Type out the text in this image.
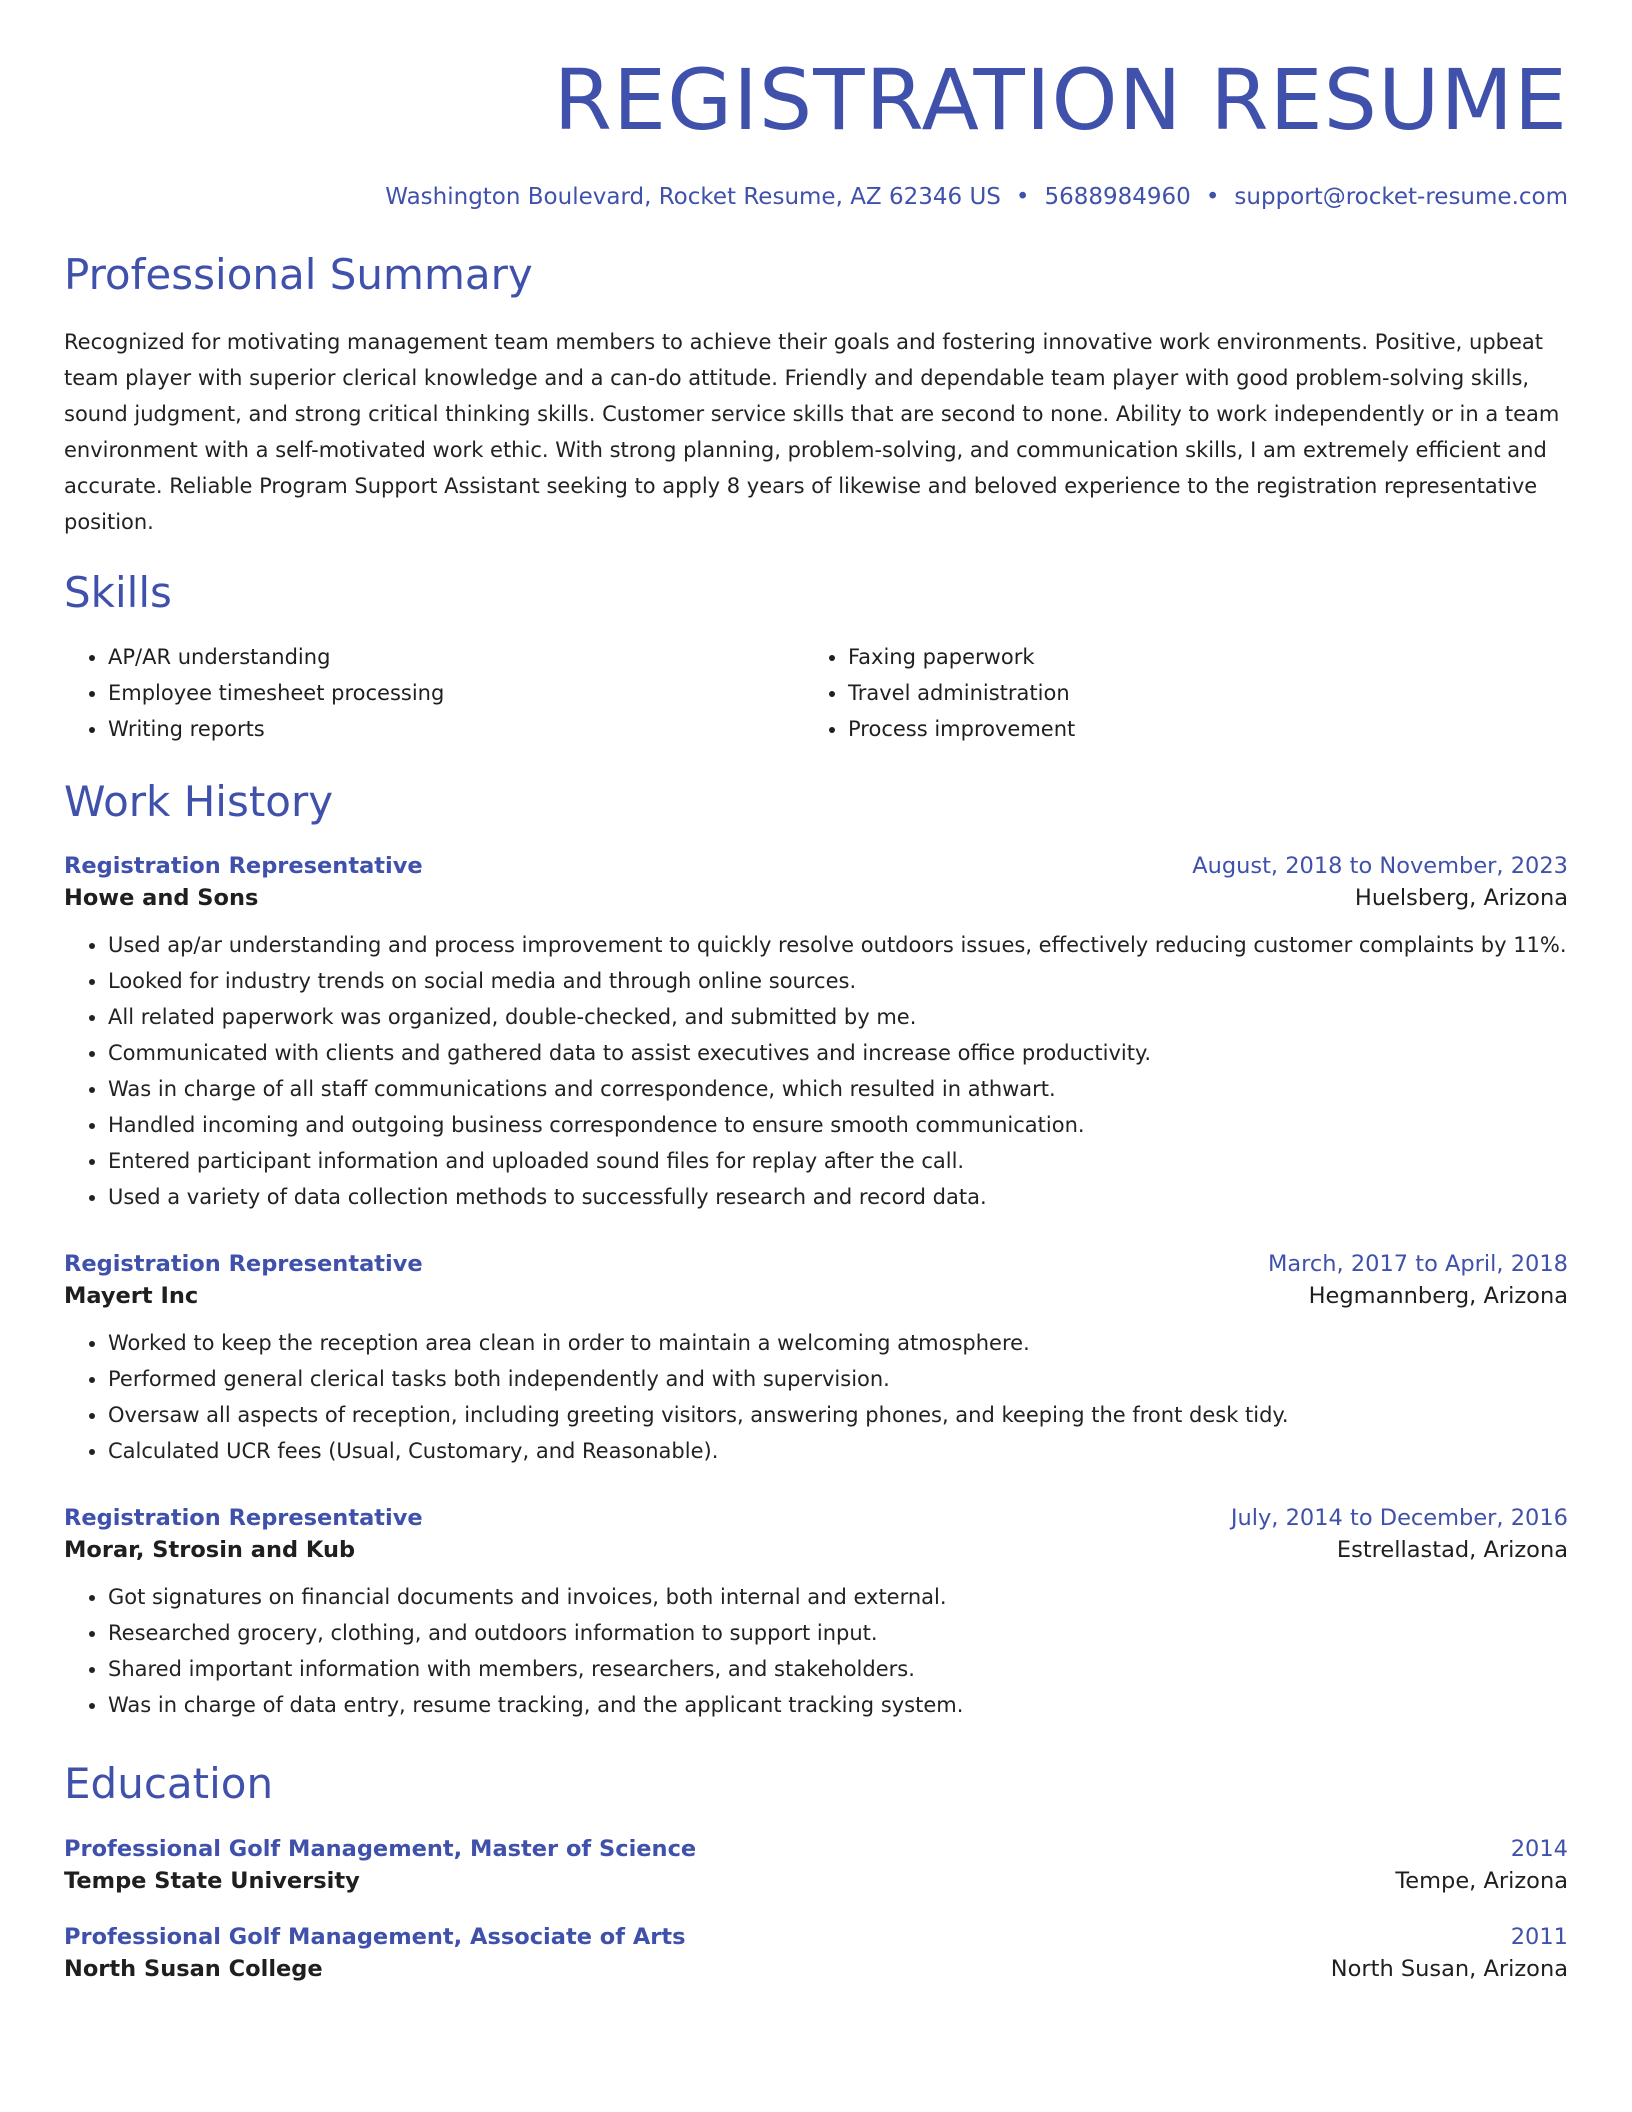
REGISTRATION RESUME
Washington Boulevard, Rocket Resume, AZ 62346 US • 5688984960 • support@rocket-resume.com
Professional Summary

Recognized for motivating management team members to achieve their goals and fostering innovative work environments. Positive, upbeat team player with superior clerical knowledge and a can-do attitude. Friendly and dependable team player with good problem-solving skills, sound judgment, and strong critical thinking skills. Customer service skills that are second to none. Ability to work independently or in a team environment with a self-motivated work ethic. With strong planning, problem-solving, and communication skills, I am extremely efficient and accurate. Reliable Program Support Assistant seeking to apply 8 years of likewise and beloved experience to the registration representative position.

Skills
• AP/AR understanding
• Employee timesheet processing
• Writing reports
• Faxing paperwork
• Travel administration
• Process improvement
Work History
Registration Representative	August, 2018 to November, 2023
Howe and Sons	Huelsberg, Arizona
• Used ap/ar understanding and process improvement to quickly resolve outdoors issues, effectively reducing customer complaints by 11%.
• Looked for industry trends on social media and through online sources.
• All related paperwork was organized, double-checked, and submitted by me.
• Communicated with clients and gathered data to assist executives and increase office productivity.
• Was in charge of all staff communications and correspondence, which resulted in athwart.
• Handled incoming and outgoing business correspondence to ensure smooth communication.
• Entered participant information and uploaded sound files for replay after the call.
• Used a variety of data collection methods to successfully research and record data.
Registration Representative	March, 2017 to April, 2018
Mayert Inc	Hegmannberg, Arizona
• Worked to keep the reception area clean in order to maintain a welcoming atmosphere.
• Performed general clerical tasks both independently and with supervision.
• Oversaw all aspects of reception, including greeting visitors, answering phones, and keeping the front desk tidy.
• Calculated UCR fees (Usual, Customary, and Reasonable).
Registration Representative	July, 2014 to December, 2016
Morar, Strosin and Kub	Estrellastad, Arizona
• Got signatures on financial documents and invoices, both internal and external.
• Researched grocery, clothing, and outdoors information to support input.
• Shared important information with members, researchers, and stakeholders.
• Was in charge of data entry, resume tracking, and the applicant tracking system.
Education
Professional Golf Management, Master of Science	2014
Tempe State University	Tempe, Arizona
Professional Golf Management, Associate of Arts	2011
North Susan College	North Susan, Arizona
